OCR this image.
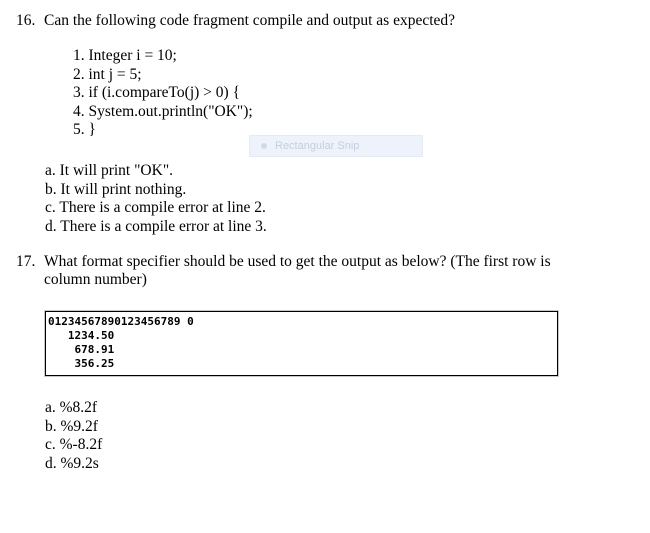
16. Can the following code fragment compile and output as expected?
1. Integer i = 10;
2. int j = 5;
3. if (i.compareTo(j) > 0) {
4. System.out.println("OK");
5. }
Rectangular Snip
a. It will print "OK".
b. It will print nothing.
c. There is a compile error at line 2.
d. There is a compile error at line 3.
17. What format specifier should be used to get the output as below? (The first row is column number)
01234567890123456789 0
1234.50
678.91
356.25
a. %8.2f
b. %9.2f
c. %-8.2f
d. %9.2s
